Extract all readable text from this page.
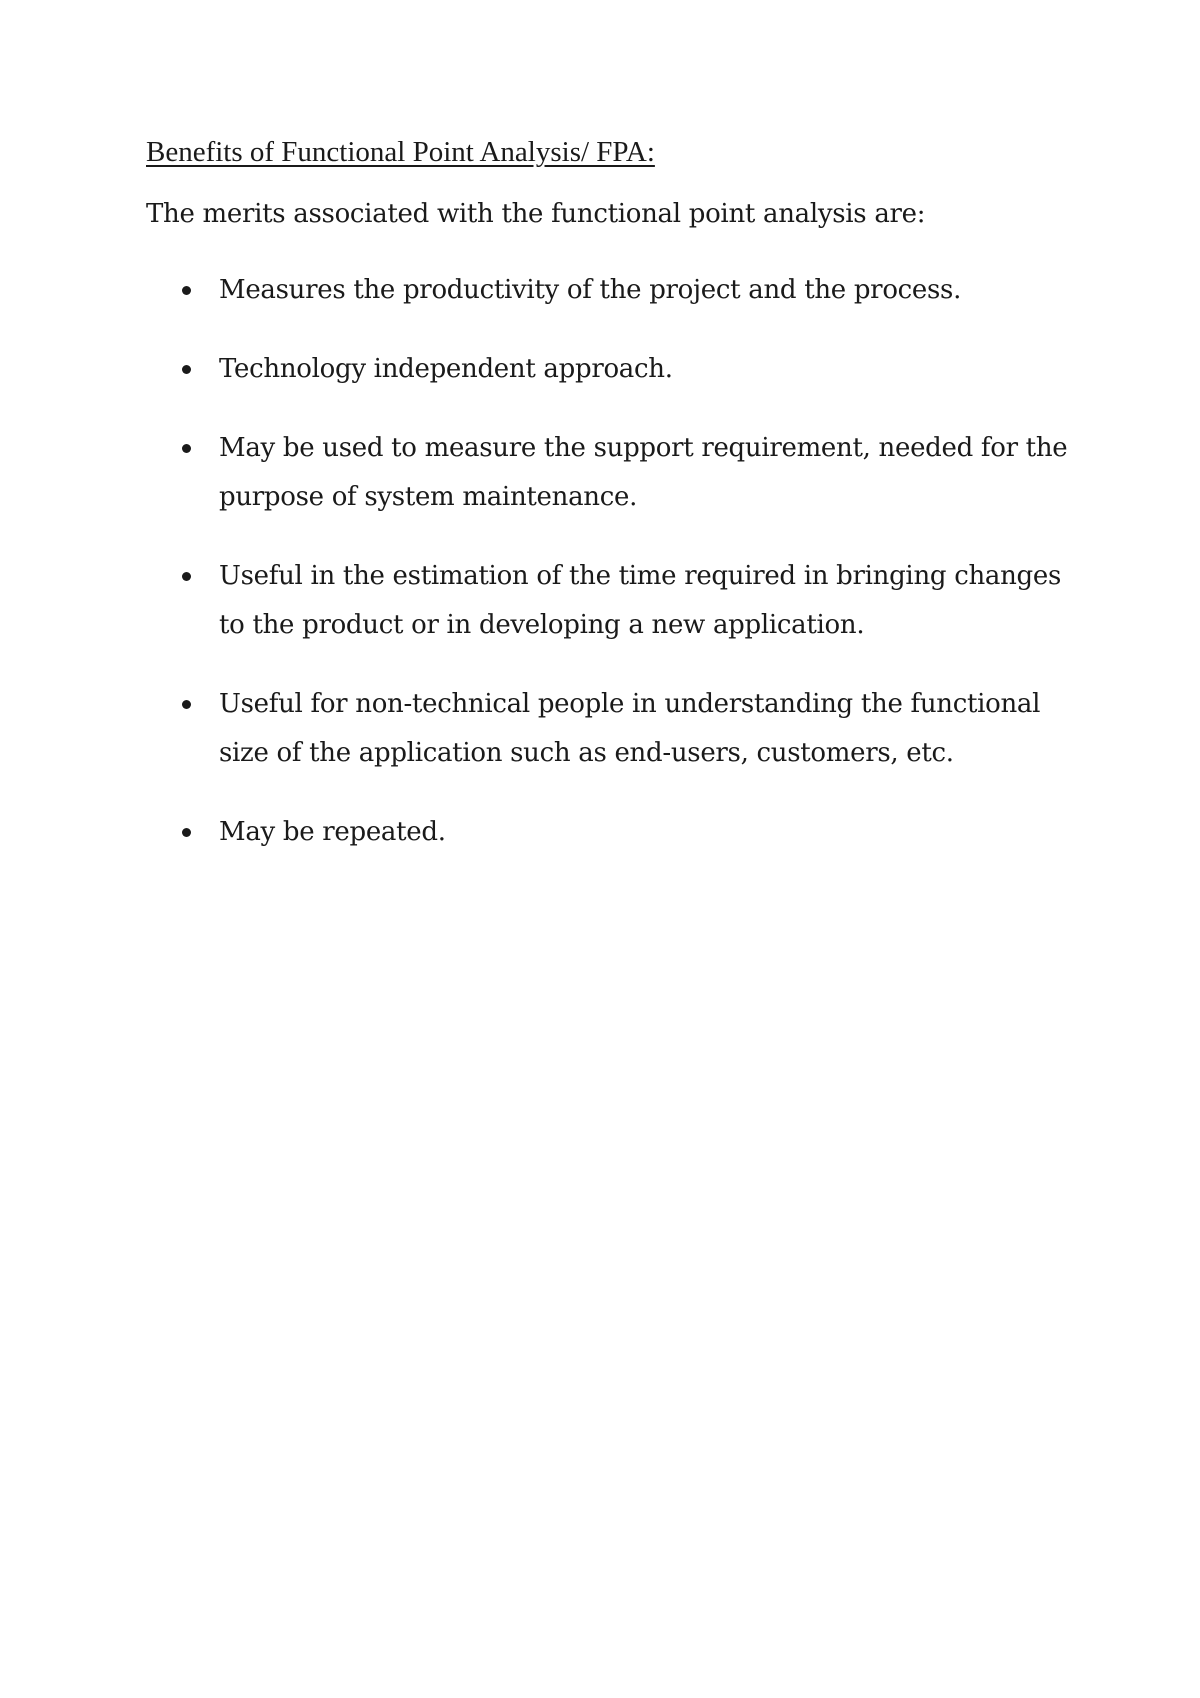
Benefits of Functional Point Analysis/ FPA:

The merits associated with the functional point analysis are:

Measures the productivity of the project and the process.
Technology independent approach.
May be used to measure the support requirement, needed for the purpose of system maintenance.
Useful in the estimation of the time required in bringing changes to the product or in developing a new application.
Useful for non-technical people in understanding the functional size of the application such as end-users, customers, etc.
May be repeated.
